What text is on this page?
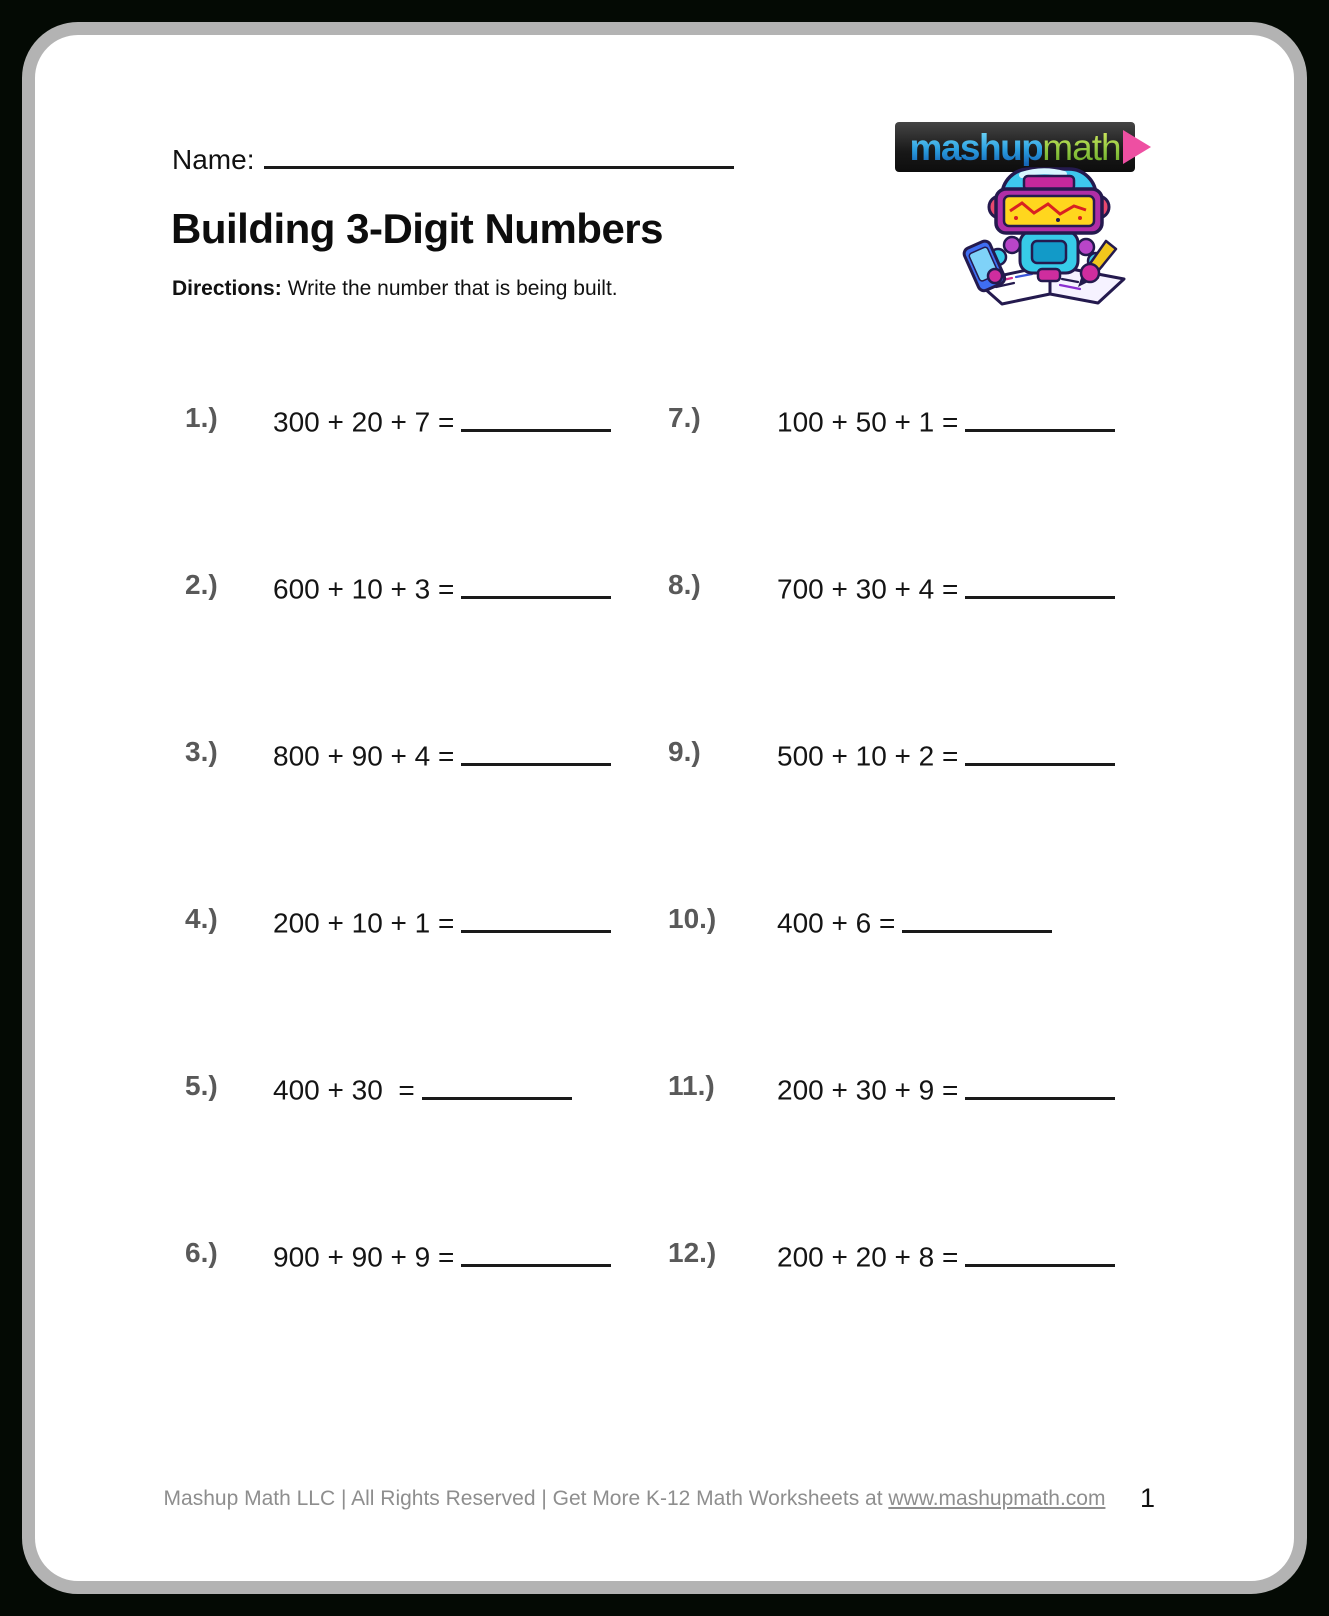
Name:	mashup math
Building 3-Digit Numbers
Directions: Write the number that is being built.
1.) 300 + 20 + 7 =	7.)	100 + 50 + 1 =
2.) 600 + 10 + 3 =	8.)	700 + 30 + 4 =
3.) 800 + 90 + 4 =	9.)	500 + 10 + 2 =
4.) 200 + 10 + 1 =	10.) 400 + 6 =
5.) 400 + 30  =	11.) 200 + 30 + 9 =
6.) 900 + 90 + 9 =	12.) 200 + 20 + 8 =
Mashup Math LLC | All Rights Reserved | Get More K-12 Math Worksheets at www.mashupmath.com	1
